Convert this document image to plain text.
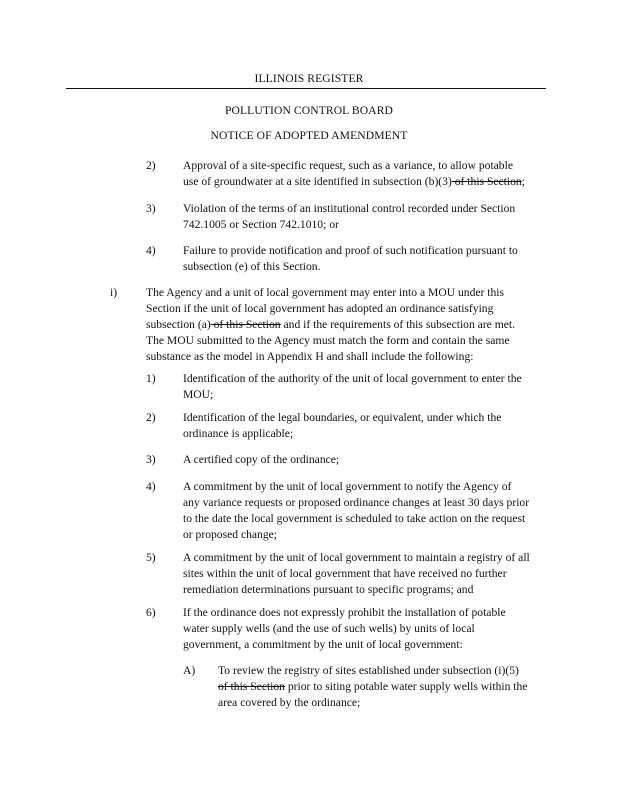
ILLINOIS REGISTER
POLLUTION CONTROL BOARD
NOTICE OF ADOPTED AMENDMENT
2) Approval of a site-specific request, such as a variance, to allow potable
use of groundwater at a site identified in subsection (b)(3) of this Section;
3) Violation of the terms of an institutional control recorded under Section
742.1005 or Section 742.1010; or
4) Failure to provide notification and proof of such notification pursuant to
subsection (e) of this Section.
i) The Agency and a unit of local government may enter into a MOU under this
Section if the unit of local government has adopted an ordinance satisfying
subsection (a) of this Section and if the requirements of this subsection are met.
The MOU submitted to the Agency must match the form and contain the same
substance as the model in Appendix H and shall include the following:
1) Identification of the authority of the unit of local government to enter the
MOU;
2) Identification of the legal boundaries, or equivalent, under which the
ordinance is applicable;
3) A certified copy of the ordinance;
4) A commitment by the unit of local government to notify the Agency of
any variance requests or proposed ordinance changes at least 30 days prior
to the date the local government is scheduled to take action on the request
or proposed change;
5) A commitment by the unit of local government to maintain a registry of all
sites within the unit of local government that have received no further
remediation determinations pursuant to specific programs; and
6) If the ordinance does not expressly prohibit the installation of potable
water supply wells (and the use of such wells) by units of local
government, a commitment by the unit of local government:
A) To review the registry of sites established under subsection (i)(5)
of this Section prior to siting potable water supply wells within the
area covered by the ordinance;
